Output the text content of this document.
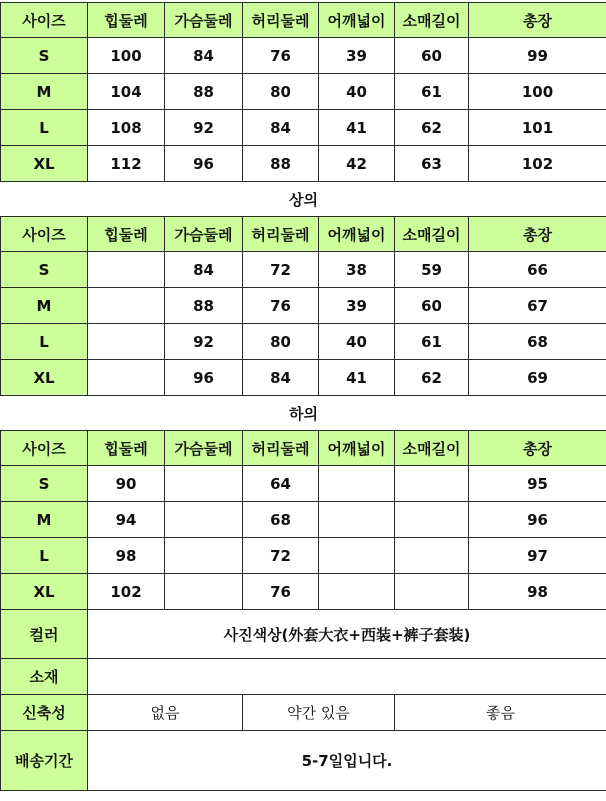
사이즈	힙둘레	가슴둘레	허리둘레	어깨넓이	소매길이	총장
S	100	84	76	39	60	99
M	104	88	80	40	61	100
L	108	92	84	41	62	101
XL	112	96	88	42	63	102
상의						
사이즈	힙둘레	가슴둘레	허리둘레	어깨넓이	소매길이	총장
S		84	72	38	59	66
M		88	76	39	60	67
L		92	80	40	61	68
XL		96	84	41	62	69
하의						
사이즈	힙둘레	가슴둘레	허리둘레	어깨넓이	소매길이	총장
S	90		64			95
M	94		68			96
L	98		72			97
XL	102		76			98
컬러	사진색상(外套大衣+西装+裤子套装)					
소재						
신축성	없음		약간 있음		좋음	
배송기간	5-7일입니다.					
